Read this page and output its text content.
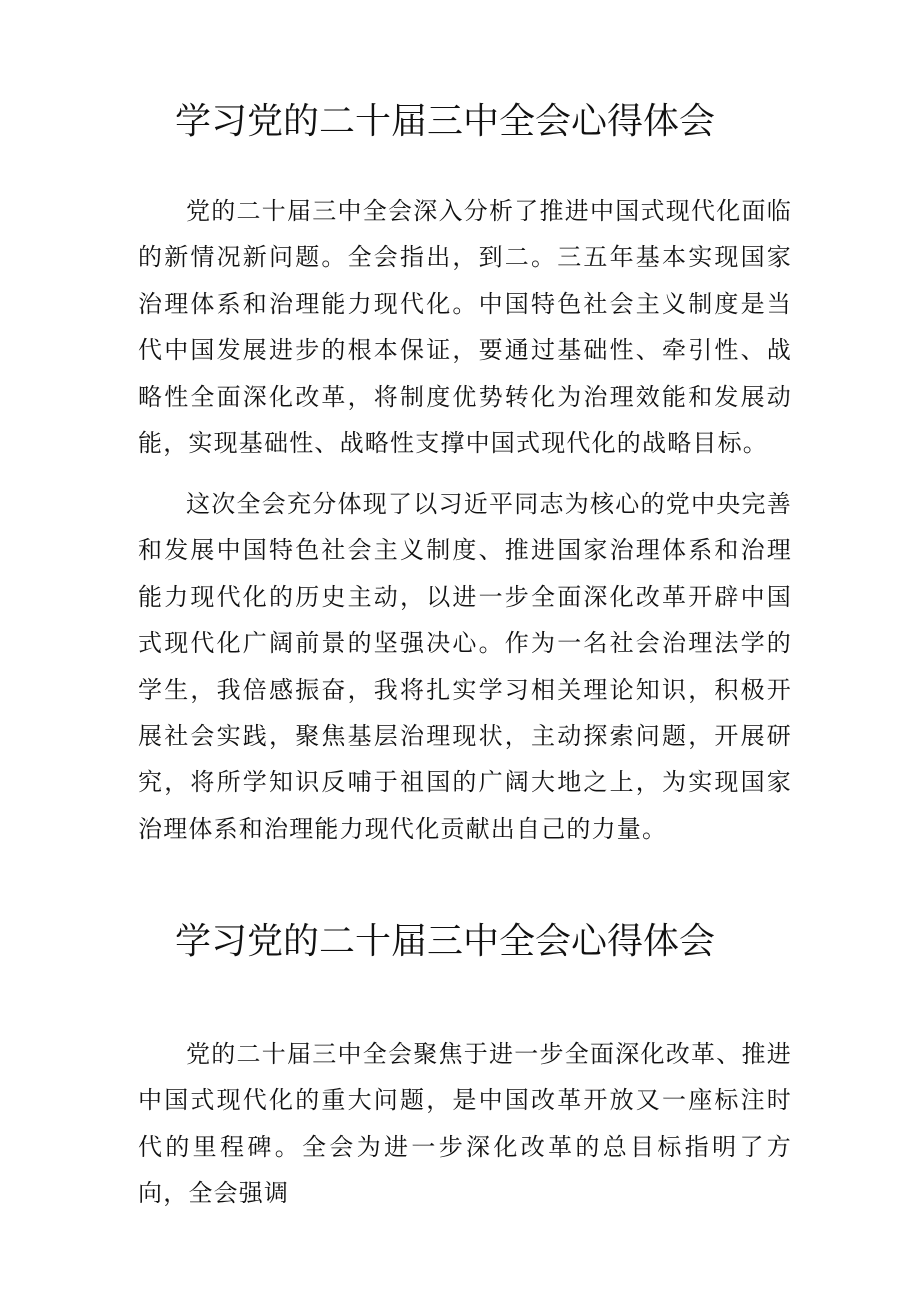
学习党的二十届三中全会心得体会

党的二十届三中全会深入分析了推进中国式现代化面临的新情况新问题。全会指出，到二。三五年基本实现国家治理体系和治理能力现代化。中国特色社会主义制度是当代中国发展进步的根本保证，要通过基础性、牵引性、战略性全面深化改革，将制度优势转化为治理效能和发展动能，实现基础性、战略性支撑中国式现代化的战略目标。

这次全会充分体现了以习近平同志为核心的党中央完善和发展中国特色社会主义制度、推进国家治理体系和治理能力现代化的历史主动，以进一步全面深化改革开辟中国式现代化广阔前景的坚强决心。作为一名社会治理法学的学生，我倍感振奋，我将扎实学习相关理论知识，积极开展社会实践，聚焦基层治理现状，主动探索问题，开展研究，将所学知识反哺于祖国的广阔大地之上，为实现国家治理体系和治理能力现代化贡献出自己的力量。

学习党的二十届三中全会心得体会

党的二十届三中全会聚焦于进一步全面深化改革、推进中国式现代化的重大问题，是中国改革开放又一座标注时代的里程碑。全会为进一步深化改革的总目标指明了方向，全会强调
